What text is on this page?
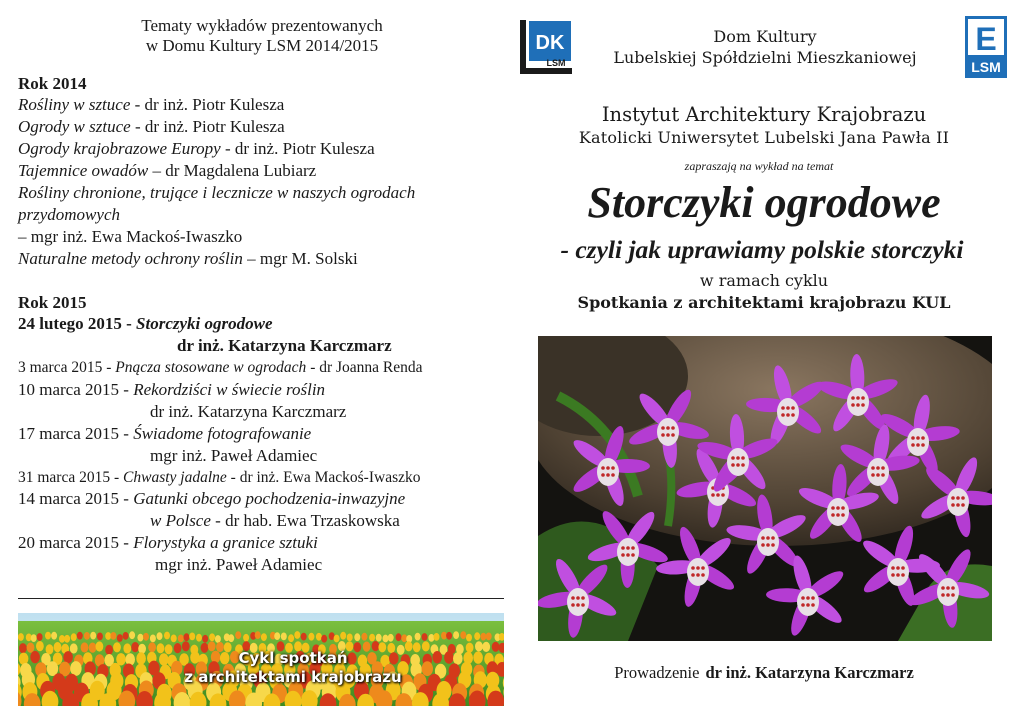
Tematy wykładów prezentowanych
w Domu Kultury LSM 2014/2015
Rok 2014
Rośliny w sztuce - dr inż. Piotr Kulesza
Ogrody w sztuce - dr inż. Piotr Kulesza
Ogrody krajobrazowe Europy - dr inż. Piotr Kulesza
Tajemnice owadów – dr Magdalena Lubiarz
Rośliny chronione, trujące i lecznicze w naszych ogrodach przydomowych
– mgr inż. Ewa Mackoś-Iwaszko
Naturalne metody ochrony roślin – mgr M. Solski
Rok 2015
24 lutego 2015 - Storczyki ogrodowe
dr inż. Katarzyna Karczmarz
3 marca 2015 - Pnącza stosowane w ogrodach - dr Joanna Renda
10 marca 2015 - Rekordziści w świecie roślin
dr inż. Katarzyna Karczmarz
17 marca 2015 - Świadome fotografowanie
mgr inż. Paweł Adamiec
31 marca 2015 - Chwasty jadalne - dr inż. Ewa Mackoś-Iwaszko
14 marca 2015 - Gatunki obcego pochodzenia-inwazyjne
w Polsce - dr hab. Ewa Trzaskowska
20 marca 2015 - Florystyka a granice sztuki
mgr inż. Paweł Adamiec
Cykl spotkań
z architektami krajobrazu
DK
LSM
Dom Kultury
Lubelskiej Spółdzielni Mieszkaniowej
E
LSM
Instytut Architektury Krajobrazu
Katolicki Uniwersytet Lubelski Jana Pawła II
zapraszają na wykład na temat
Storczyki ogrodowe
- czyli jak uprawiamy polskie storczyki
w ramach cyklu
Spotkania z architektami krajobrazu KUL
Prowadzenie dr inż. Katarzyna Karczmarz
